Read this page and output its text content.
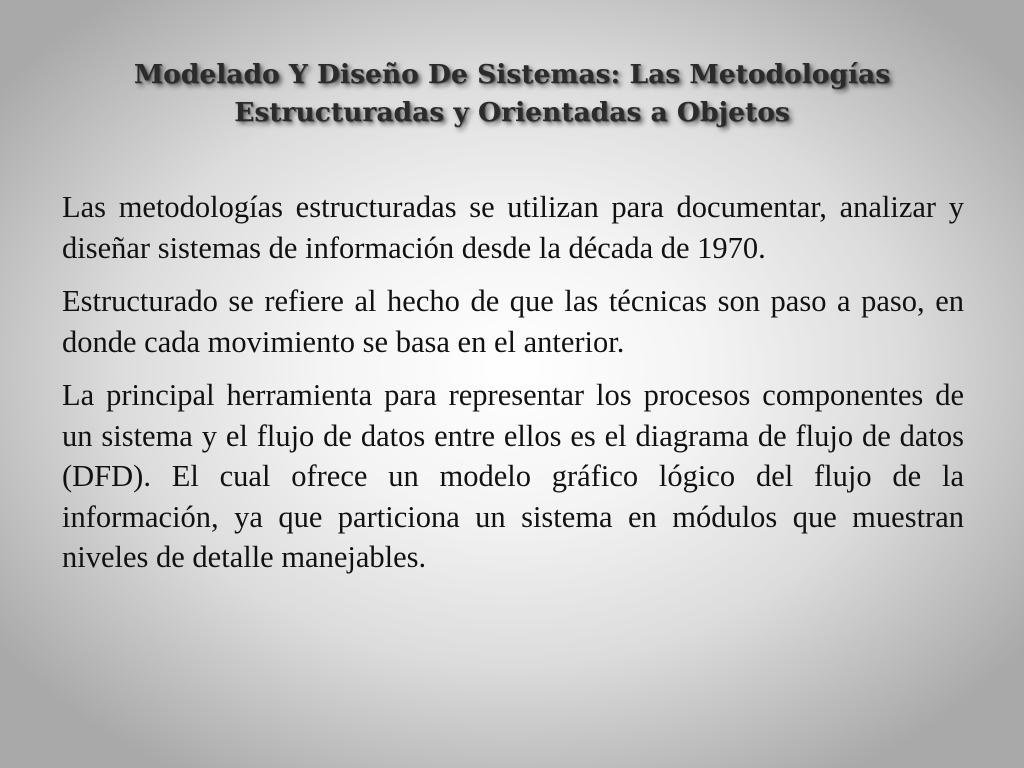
Modelado Y Diseño De Sistemas: Las Metodologías
Estructuradas y Orientadas a Objetos

Las metodologías estructuradas se utilizan para documentar, analizar y diseñar sistemas de información desde la década de 1970.

Estructurado se refiere al hecho de que las técnicas son paso a paso, en donde cada movimiento se basa en el anterior.

La principal herramienta para representar los procesos componentes de un sistema y el flujo de datos entre ellos es el diagrama de flujo de datos (DFD). El cual ofrece un modelo gráfico lógico del flujo de la información, ya que particiona un sistema en módulos que muestran niveles de detalle manejables.
